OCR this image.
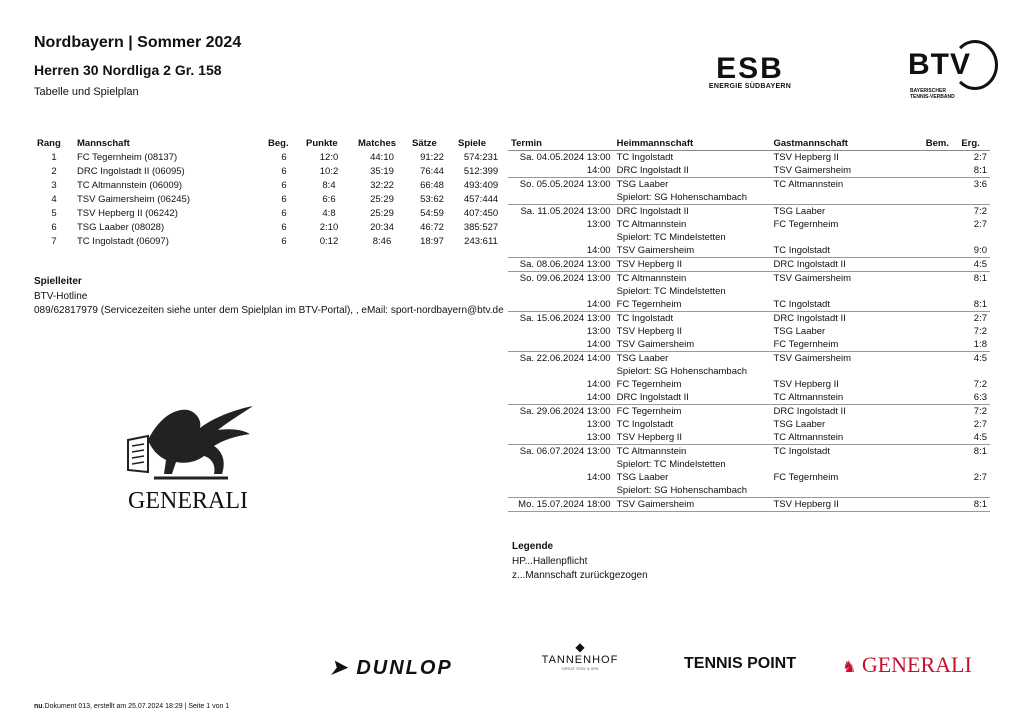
Nordbayern | Sommer 2024
Herren 30 Nordliga 2 Gr. 158
Tabelle und Spielplan
ESB
ENERGIE SÜDBAYERN
BTV
BAYERISCHER
TENNIS-VERBAND
Rang	Mannschaft	Beg.	Punkte	Matches	Sätze	Spiele
1	FC Tegernheim (08137)	6	12:0	44:10	91:22	574:231
2	DRC Ingolstadt II (06095)	6	10:2	35:19	76:44	512:399
3	TC Altmannstein (06009)	6	8:4	32:22	66:48	493:409
4	TSV Gaimersheim (06245)	6	6:6	25:29	53:62	457:444
5	TSV Hepberg II (06242)	6	4:8	25:29	54:59	407:450
6	TSG Laaber (08028)	6	2:10	20:34	46:72	385:527
7	TC Ingolstadt (06097)	6	0:12	8:46	18:97	243:611
Spielleiter
BTV-Hotline
089/62817979 (Servicezeiten siehe unter dem Spielplan im BTV-Portal), , eMail: sport-nordbayern@btv.de
GENERALI
Termin	Heimmannschaft	Gastmannschaft	Bem.	Erg.
Sa. 04.05.2024 13:00	TC Ingolstadt	TSV Hepberg II		2:7
14:00	DRC Ingolstadt II	TSV Gaimersheim		8:1
So. 05.05.2024 13:00	TSG Laaber	TC Altmannstein		3:6
	Spielort: SG Hohenschambach			
Sa. 11.05.2024 13:00	DRC Ingolstadt II	TSG Laaber		7:2
13:00	TC Altmannstein	FC Tegernheim		2:7
	Spielort: TC Mindelstetten			
14:00	TSV Gaimersheim	TC Ingolstadt		9:0
Sa. 08.06.2024 13:00	TSV Hepberg II	DRC Ingolstadt II		4:5
So. 09.06.2024 13:00	TC Altmannstein	TSV Gaimersheim		8:1
	Spielort: TC Mindelstetten			
14:00	FC Tegernheim	TC Ingolstadt		8:1
Sa. 15.06.2024 13:00	TC Ingolstadt	DRC Ingolstadt II		2:7
13:00	TSV Hepberg II	TSG Laaber		7:2
14:00	TSV Gaimersheim	FC Tegernheim		1:8
Sa. 22.06.2024 14:00	TSG Laaber	TSV Gaimersheim		4:5
	Spielort: SG Hohenschambach			
14:00	FC Tegernheim	TSV Hepberg II		7:2
14:00	DRC Ingolstadt II	TC Altmannstein		6:3
Sa. 29.06.2024 13:00	FC Tegernheim	DRC Ingolstadt II		7:2
13:00	TC Ingolstadt	TSG Laaber		2:7
13:00	TSV Hepberg II	TC Altmannstein		4:5
Sa. 06.07.2024 13:00	TC Altmannstein	TC Ingolstadt		8:1
	Spielort: TC Mindelstetten			
14:00	TSG Laaber	FC Tegernheim		2:7
	Spielort: SG Hohenschambach			
Mo. 15.07.2024 18:00	TSV Gaimersheim	TSV Hepberg II		8:1
Legende
HP...Hallenpflicht
z...Mannschaft zurückgezogen
➤ DUNLOP
◆
TANNENHOF
GREAT STAY & SPA	TENNIS POINT	♞ GENERALI
nu.Dokument 013, erstellt am 25.07.2024 18:29 | Seite 1 von 1
